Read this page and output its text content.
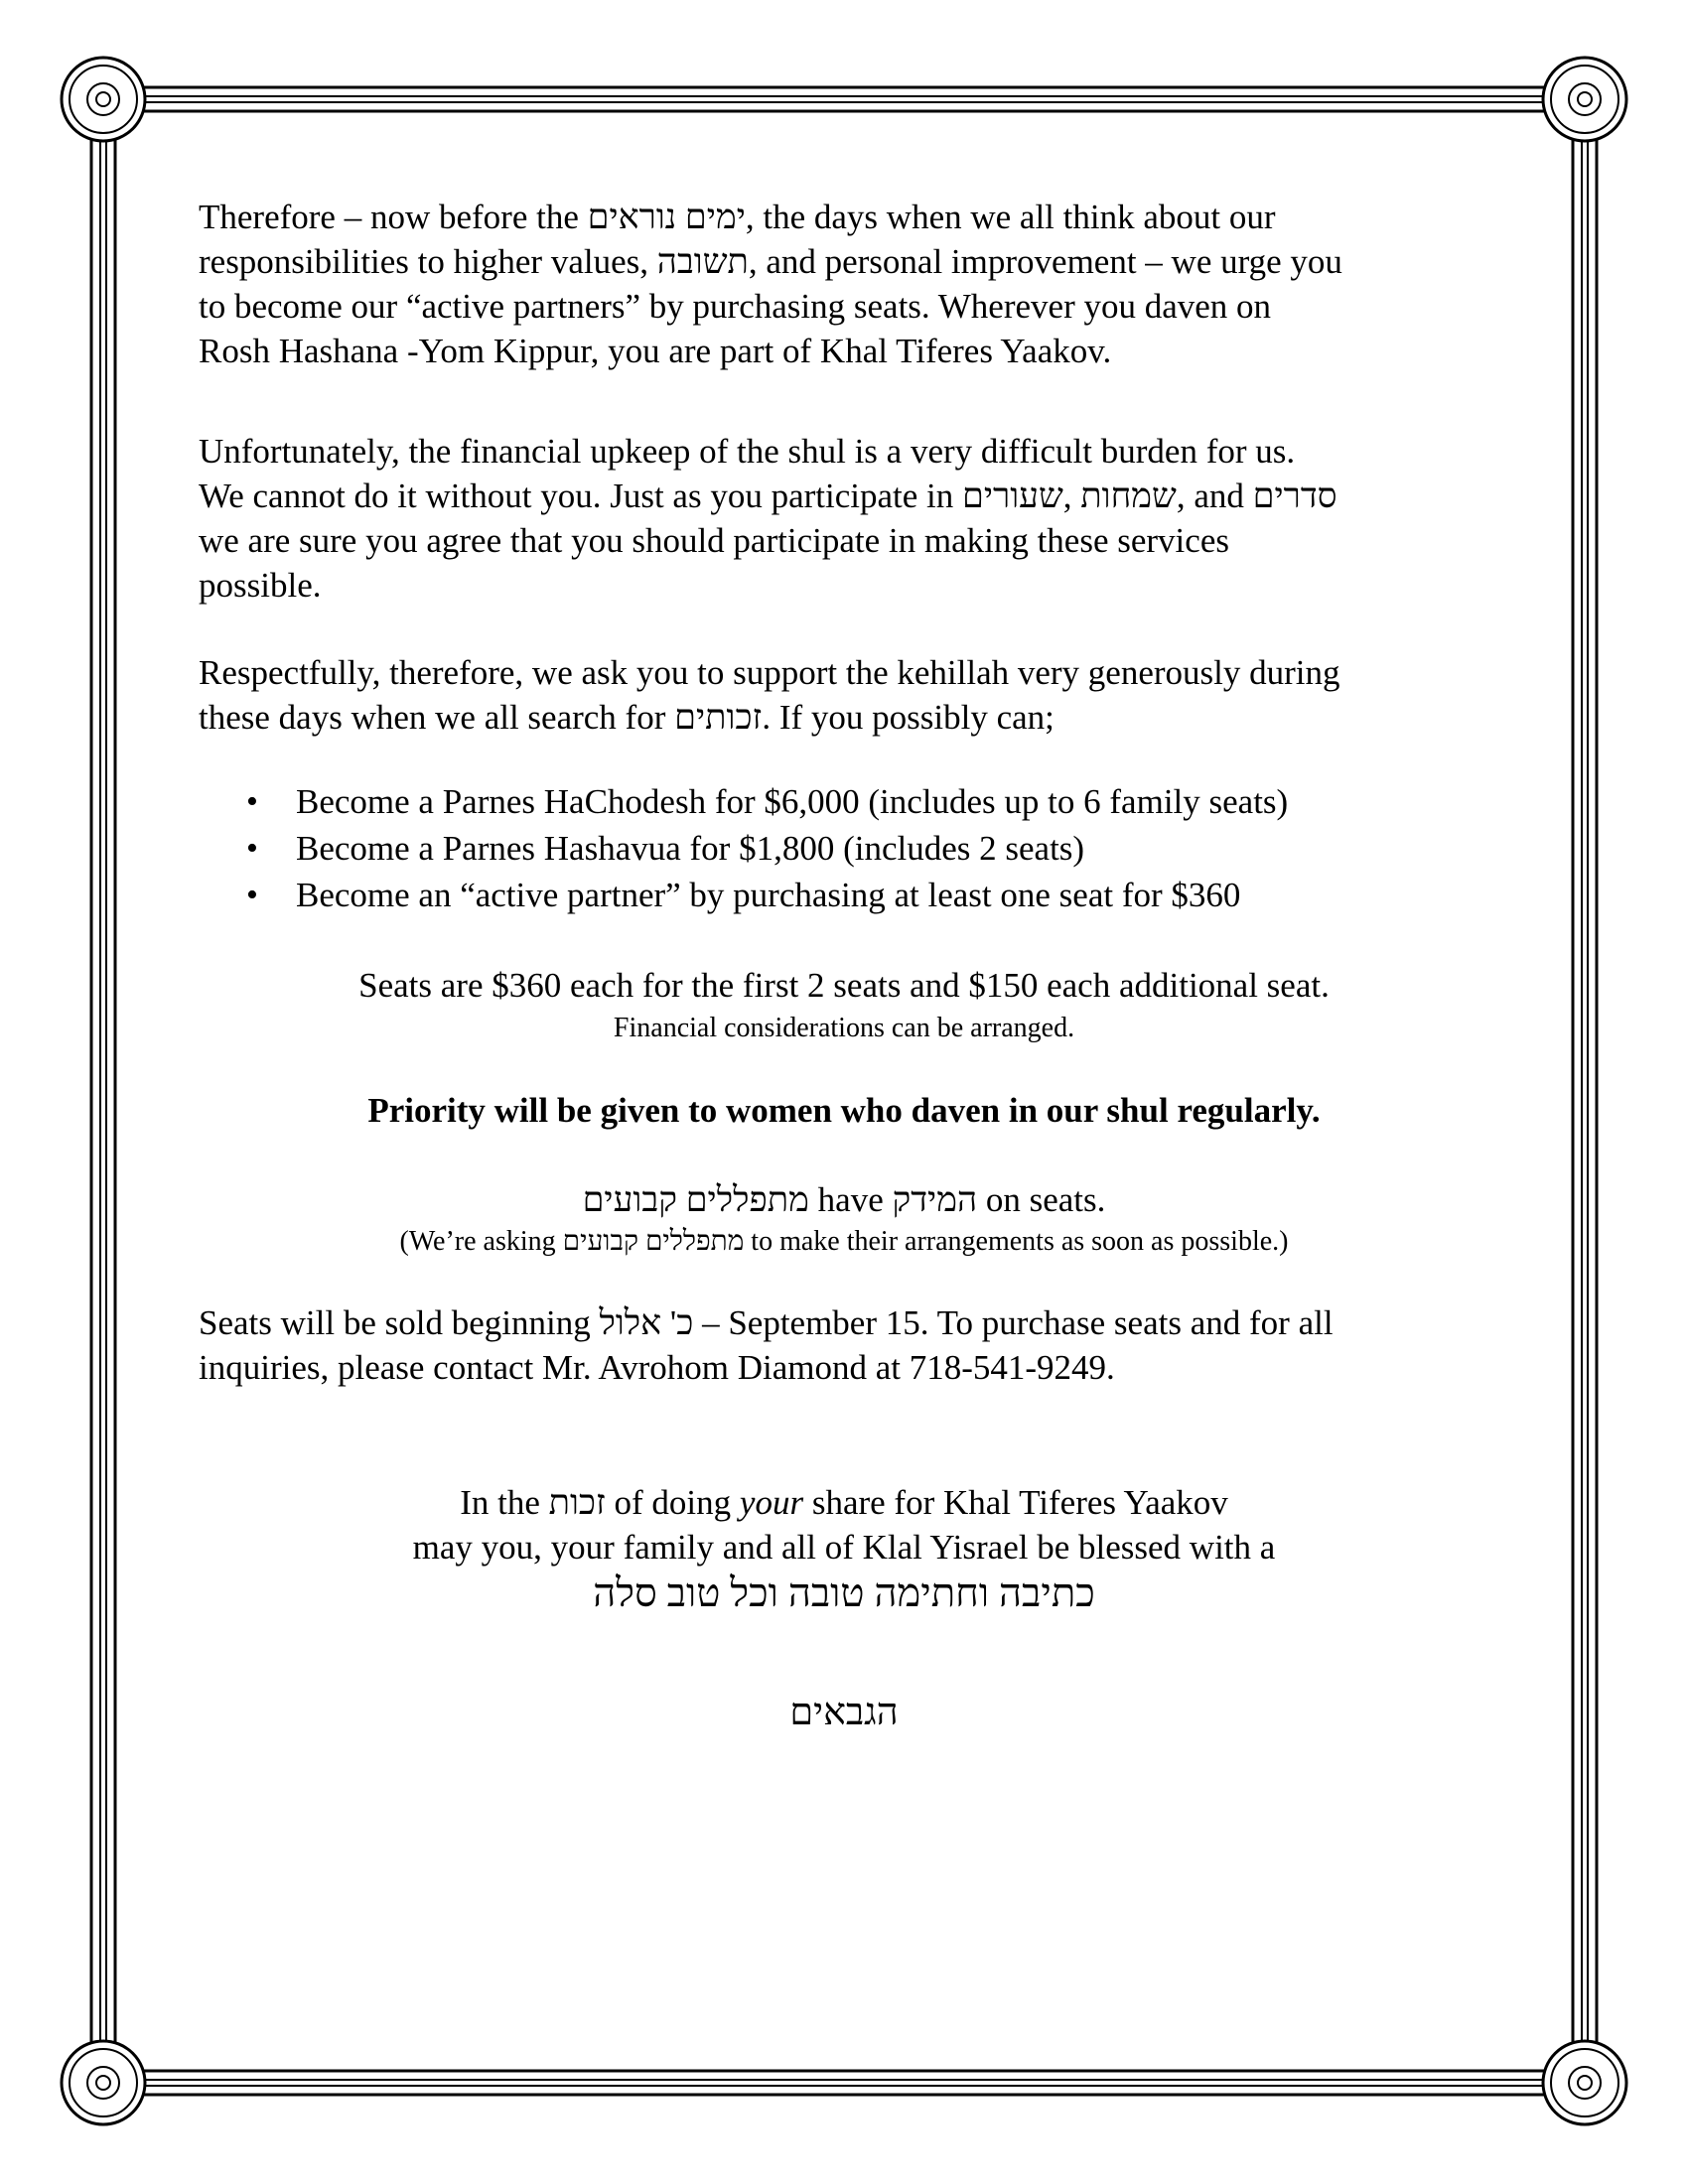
Therefore – now before the ימים נוראים, the days when we all think about our

responsibilities to higher values, תשובה, and personal improvement – we urge you

to become our “active partners” by purchasing seats. Wherever you daven on

Rosh Hashana -Yom Kippur, you are part of Khal Tiferes Yaakov.

Unfortunately, the financial upkeep of the shul is a very difficult burden for us.

We cannot do it without you. Just as you participate in שעורים, שמחות, and סדרים

we are sure you agree that you should participate in making these services

possible.

Respectfully, therefore, we ask you to support the kehillah very generously during

these days when we all search for זכותים. If you possibly can;

• Become a Parnes HaChodesh for $6,000 (includes up to 6 family seats)
• Become a Parnes Hashavua for $1,800 (includes 2 seats)
• Become an “active partner” by purchasing at least one seat for $360

Seats are $360 each for the first 2 seats and $150 each additional seat.

Financial considerations can be arranged.

Priority will be given to women who daven in our shul regularly.

מתפללים קבועים have המידק on seats.

(We’re asking מתפללים קבועים to make their arrangements as soon as possible.)

Seats will be sold beginning כ' אלול – September 15. To purchase seats and for all

inquiries, please contact Mr. Avrohom Diamond at 718-541-9249.

In the זכות of doing your share for Khal Tiferes Yaakov

may you, your family and all of Klal Yisrael be blessed with a

כתיבה וחתימה טובה וכל טוב סלה

הגבאים
